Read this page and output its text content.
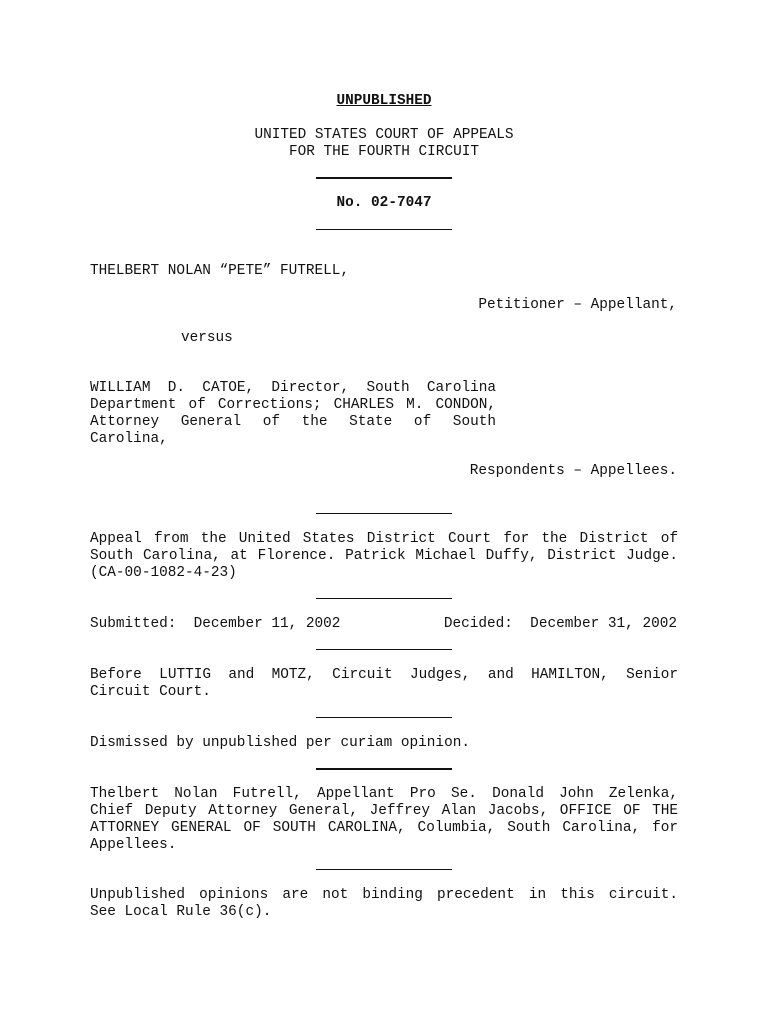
UNPUBLISHED
UNITED STATES COURT OF APPEALS
FOR THE FOURTH CIRCUIT
No. 02-7047
THELBERT NOLAN “PETE” FUTRELL,
Petitioner – Appellant,
versus
WILLIAM D. CATOE, Director, South Carolina
Department of Corrections; CHARLES M. CONDON,
Attorney General of the State of South
Carolina,
Respondents – Appellees.
Appeal from the United States District Court for the District of
South Carolina, at Florence. Patrick Michael Duffy, District Judge.
(CA-00-1082-4-23)
Submitted:  December 11, 2002	Decided:  December 31, 2002
Before LUTTIG and MOTZ, Circuit Judges, and HAMILTON, Senior
Circuit Court.
Dismissed by unpublished per curiam opinion.
Thelbert Nolan Futrell, Appellant Pro Se. Donald John Zelenka,
Chief Deputy Attorney General, Jeffrey Alan Jacobs, OFFICE OF THE
ATTORNEY GENERAL OF SOUTH CAROLINA, Columbia, South Carolina, for
Appellees.
Unpublished opinions are not binding precedent in this circuit.
See Local Rule 36(c).
